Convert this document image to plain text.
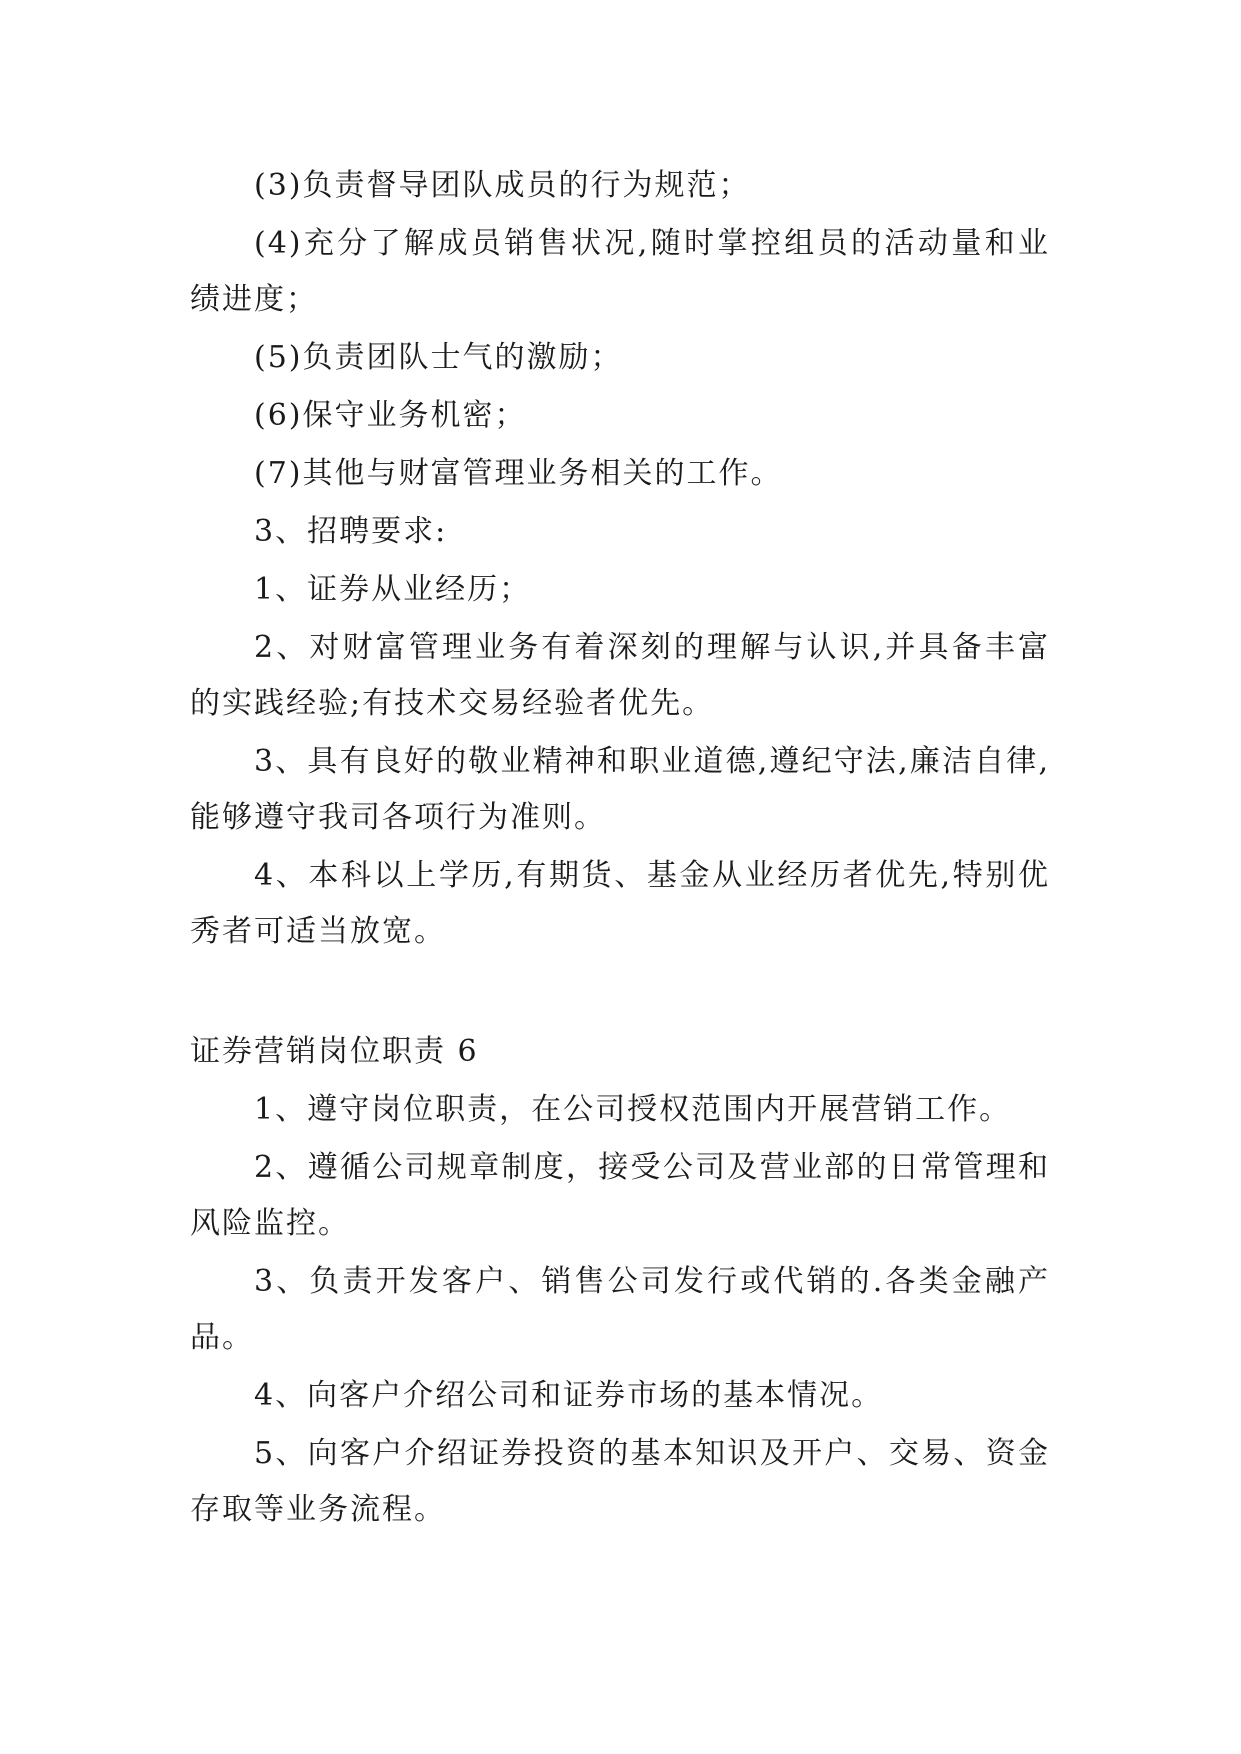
(3)负责督导团队成员的行为规范；

(4)充分了解成员销售状况,随时掌控组员的活动量和业绩进度；

(5)负责团队士气的激励；

(6)保守业务机密；

(7)其他与财富管理业务相关的工作。

3、招聘要求:

1、证券从业经历；

2、对财富管理业务有着深刻的理解与认识,并具备丰富的实践经验;有技术交易经验者优先。

3、具有良好的敬业精神和职业道德,遵纪守法,廉洁自律,能够遵守我司各项行为准则。

4、本科以上学历,有期货、基金从业经历者优先,特别优秀者可适当放宽。

证券营销岗位职责 6

1、遵守岗位职责，在公司授权范围内开展营销工作。

2、遵循公司规章制度，接受公司及营业部的日常管理和风险监控。

3、负责开发客户、销售公司发行或代销的.各类金融产品。

4、向客户介绍公司和证券市场的基本情况。

5、向客户介绍证券投资的基本知识及开户、交易、资金存取等业务流程。
